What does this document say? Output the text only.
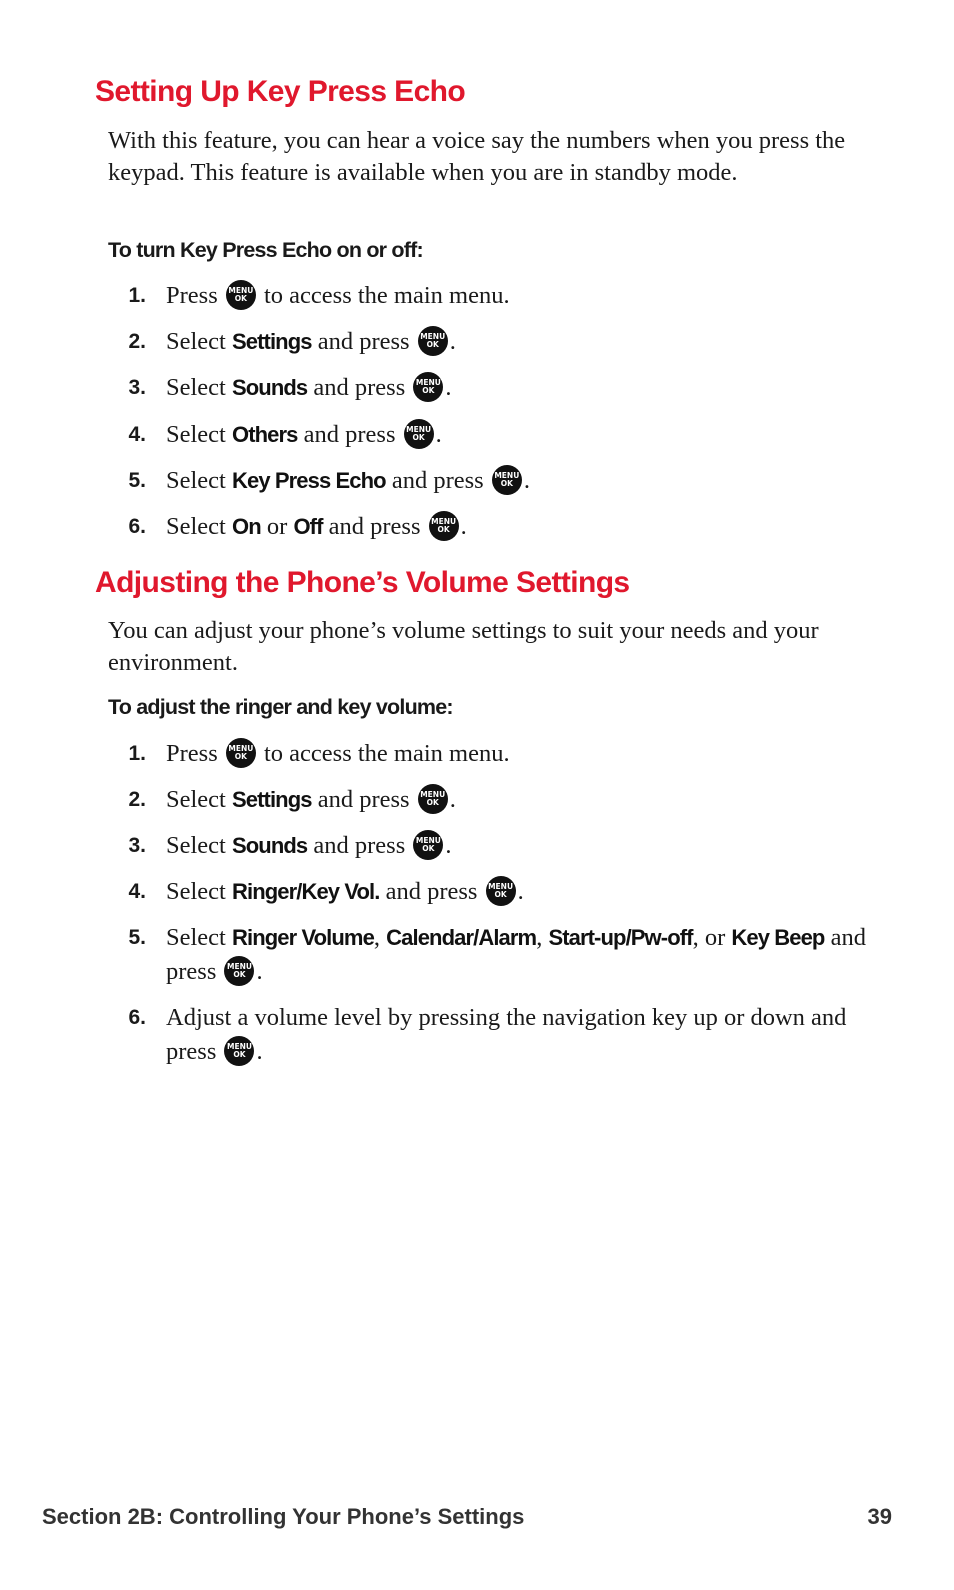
Setting Up Key Press Echo

With this feature, you can hear a voice say the numbers when you press the keypad. This feature is available when you are in standby mode.

To turn Key Press Echo on or off:

Adjusting the Phone’s Volume Settings

You can adjust your phone’s volume settings to suit your needs and your environment.

To adjust the ringer and key volume:

Section 2B: Controlling Your Phone’s Settings	39
1. Press MENU
OK to access the main menu.
2. Select Settings and press MENU
OK .
3. Select Sounds and press MENU
OK .
4. Select Others and press MENU
OK .
5. Select Key Press Echo and press MENU
OK .
6. Select On or Off and press MENU
OK .
1. Press MENU
OK to access the main menu.
2. Select Settings and press MENU
OK .
3. Select Sounds and press MENU
OK .
4. Select Ringer/Key Vol. and press MENU
OK .
5. Select Ringer Volume, Calendar/Alarm, Start-up/Pw-off, or Key Beep and press MENU
OK .
6. Adjust a volume level by pressing the navigation key up or down and press MENU
OK .
